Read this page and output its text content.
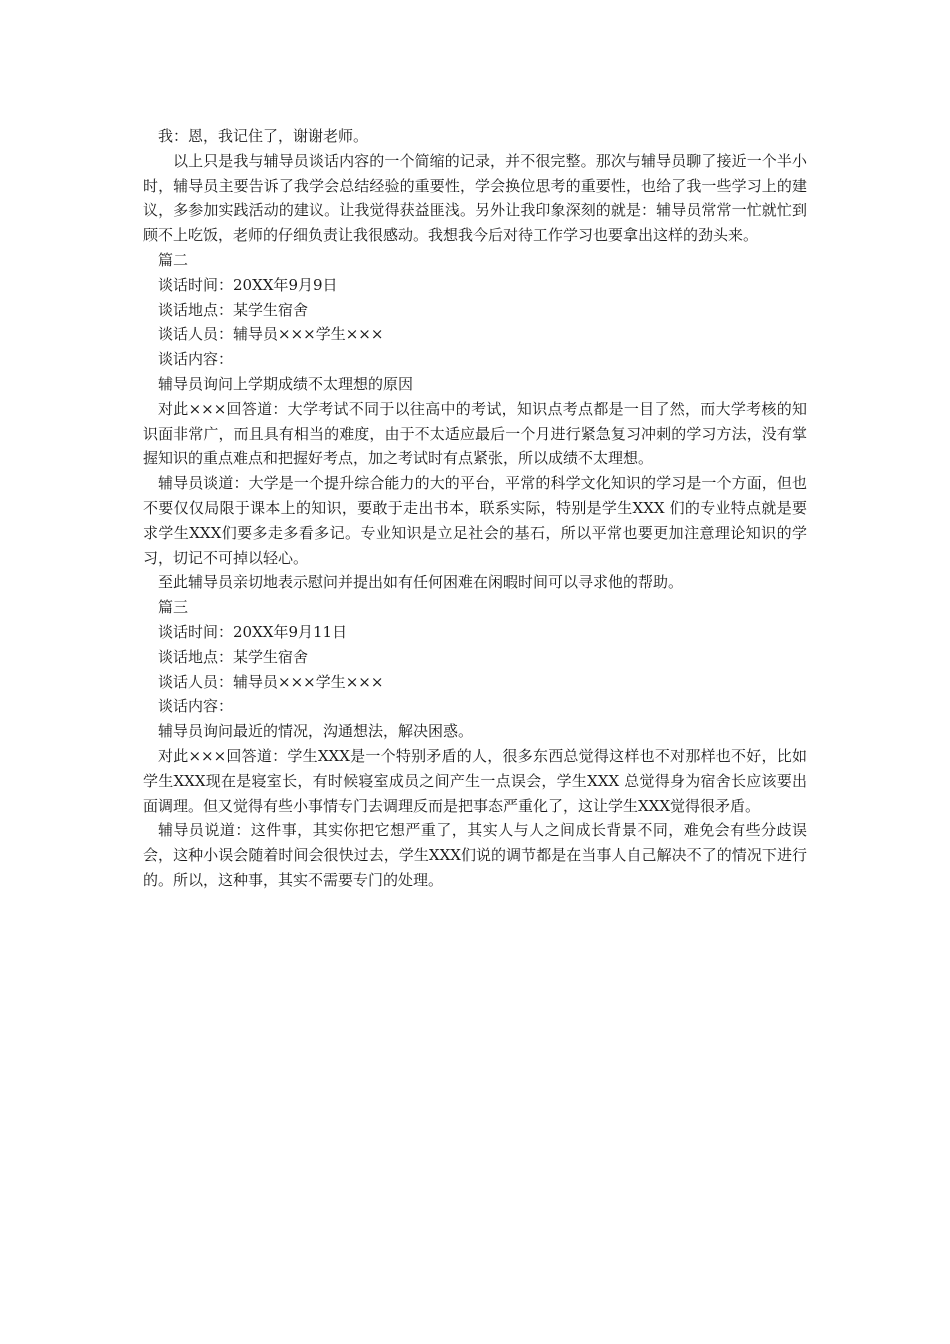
我：恩，我记住了，谢谢老师。

以上只是我与辅导员谈话内容的一个简缩的记录，并不很完整。那次与辅导员聊了接近一个半小时，辅导员主要告诉了我学会总结经验的重要性，学会换位思考的重要性，也给了我一些学习上的建议，多参加实践活动的建议。让我觉得获益匪浅。另外让我印象深刻的就是：辅导员常常一忙就忙到顾不上吃饭，老师的仔细负责让我很感动。我想我今后对待工作学习也要拿出这样的劲头来。

篇二

谈话时间：20XX年9月9日

谈话地点：某学生宿舍

谈话人员：辅导员×××学生×××

谈话内容：

辅导员询问上学期成绩不太理想的原因

对此×××回答道：大学考试不同于以往高中的考试，知识点考点都是一目了然，而大学考核的知识面非常广，而且具有相当的难度，由于不太适应最后一个月进行紧急复习冲刺的学习方法，没有掌握知识的重点难点和把握好考点，加之考试时有点紧张，所以成绩不太理想。

辅导员谈道：大学是一个提升综合能力的大的平台，平常的科学文化知识的学习是一个方面，但也不要仅仅局限于课本上的知识，要敢于走出书本，联系实际，特别是学生XXX 们的专业特点就是要求学生XXX们要多走多看多记。专业知识是立足社会的基石，所以平常也要更加注意理论知识的学习，切记不可掉以轻心。

至此辅导员亲切地表示慰问并提出如有任何困难在闲暇时间可以寻求他的帮助。

篇三

谈话时间：20XX年9月11日

谈话地点：某学生宿舍

谈话人员：辅导员×××学生×××

谈话内容：

辅导员询问最近的情况，沟通想法，解决困惑。

对此×××回答道：学生XXX是一个特别矛盾的人，很多东西总觉得这样也不对那样也不好，比如学生XXX现在是寝室长，有时候寝室成员之间产生一点误会，学生XXX 总觉得身为宿舍长应该要出面调理。但又觉得有些小事情专门去调理反而是把事态严重化了，这让学生XXX觉得很矛盾。

辅导员说道：这件事，其实你把它想严重了，其实人与人之间成长背景不同，难免会有些分歧误会，这种小误会随着时间会很快过去，学生XXX们说的调节都是在当事人自己解决不了的情况下进行的。所以，这种事，其实不需要专门的处理。
